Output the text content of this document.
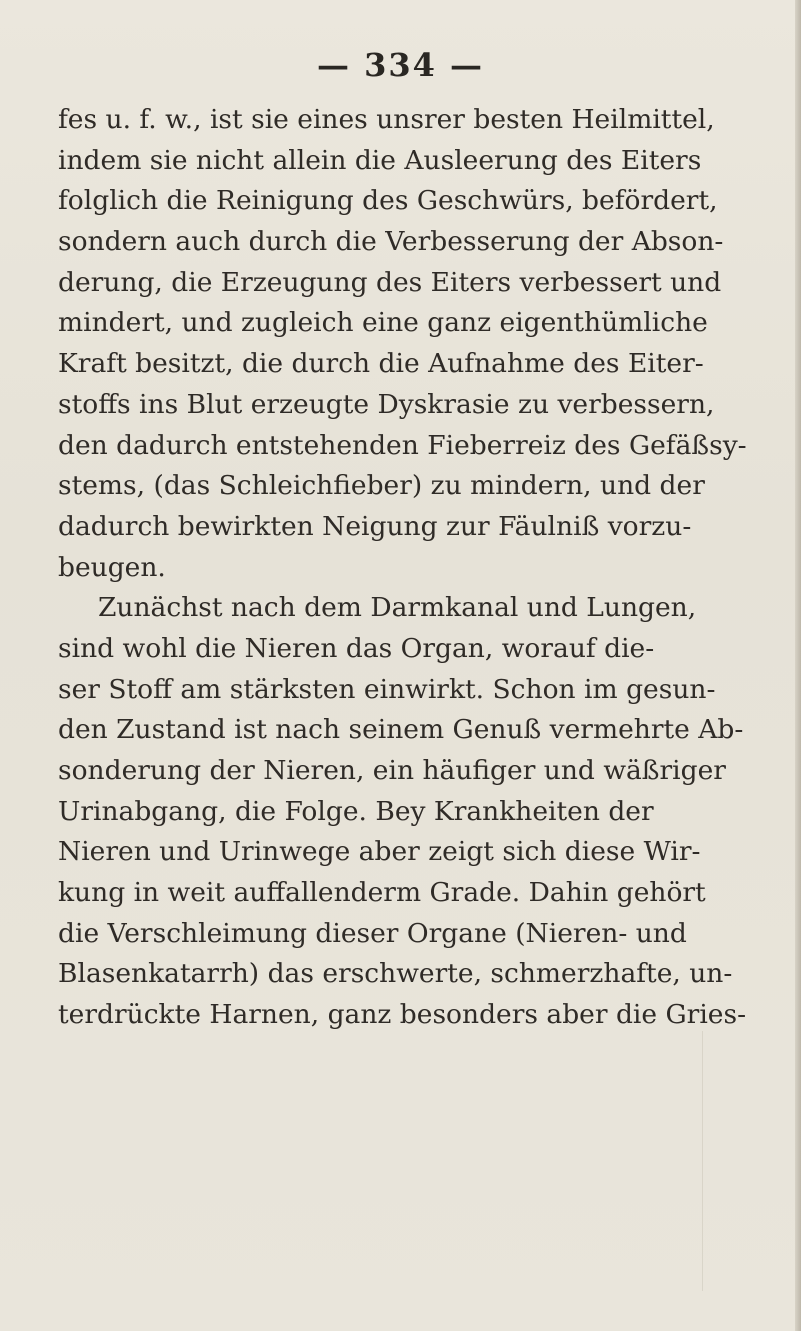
— 334 —
fes u. f. w., ist sie eines unsrer besten Heilmittel,
indem sie nicht allein die Ausleerung des Eiters
folglich die Reinigung des Geschwürs, befördert,
sondern auch durch die Verbesserung der Abson-
derung, die Erzeugung des Eiters verbessert und
mindert, und zugleich eine ganz eigenthümliche
Kraft besitzt, die durch die Aufnahme des Eiter-
stoffs ins Blut erzeugte Dyskrasie zu verbessern,
den dadurch entstehenden Fieberreiz des Gefäßsy-
stems, (das Schleichfieber) zu mindern, und der
dadurch bewirkten Neigung zur Fäulniß vorzu-
beugen.
Zunächst nach dem Darmkanal und Lungen,
sind wohl die Nieren das Organ, worauf die-
ser Stoff am stärksten einwirkt. Schon im gesun-
den Zustand ist nach seinem Genuß vermehrte Ab-
sonderung der Nieren, ein häufiger und wäßriger
Urinabgang, die Folge. Bey Krankheiten der
Nieren und Urinwege aber zeigt sich diese Wir-
kung in weit auffallenderm Grade. Dahin gehört
die Verschleimung dieser Organe (Nieren- und
Blasenkatarrh) das erschwerte, schmerzhafte, un-
terdrückte Harnen, ganz besonders aber die Gries-
